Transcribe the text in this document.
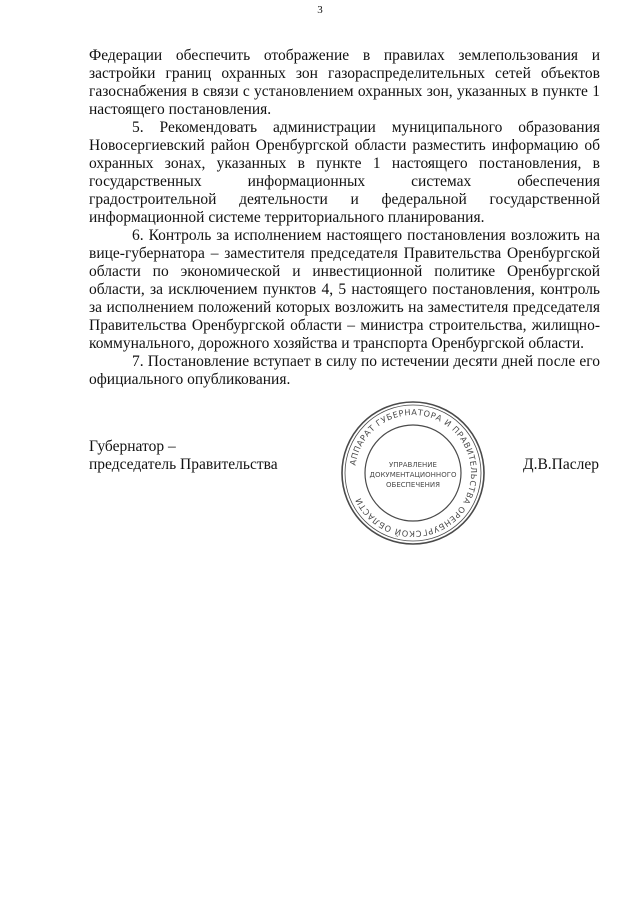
3

Федерации обеспечить отображение в правилах землепользования и застройки границ охранных зон газораспределительных сетей объектов газоснабжения в связи с установлением охранных зон, указанных в пункте 1 настоящего постановления.

5. Рекомендовать администрации муниципального образования Новосергиевский район Оренбургской области разместить информацию об охранных зонах, указанных в пункте 1 настоящего постановления, в государственных информационных системах обеспечения градостроительной деятельности и федеральной государственной информационной системе территориального планирования.

6. Контроль за исполнением настоящего постановления возложить на вице-губернатора – заместителя председателя Правительства Оренбургской области по экономической и инвестиционной политике Оренбургской области, за исключением пунктов 4, 5 настоящего постановления, контроль за исполнением положений которых возложить на заместителя председателя Правительства Оренбургской области – министра строительства, жилищно-коммунального, дорожного хозяйства и транспорта Оренбургской области.

7. Постановление вступает в силу по истечении десяти дней после его официального опубликования.

Губернатор –
председатель Правительства	Д.В.Паслер
АППАРАТ ГУБЕРНАТОРА И ПРАВИТЕЛЬСТВА ОРЕНБУРГСКОЙ ОБЛАСТИ
УПРАВЛЕНИЕ
ДОКУМЕНТАЦИОННОГО
ОБЕСПЕЧЕНИЯ
